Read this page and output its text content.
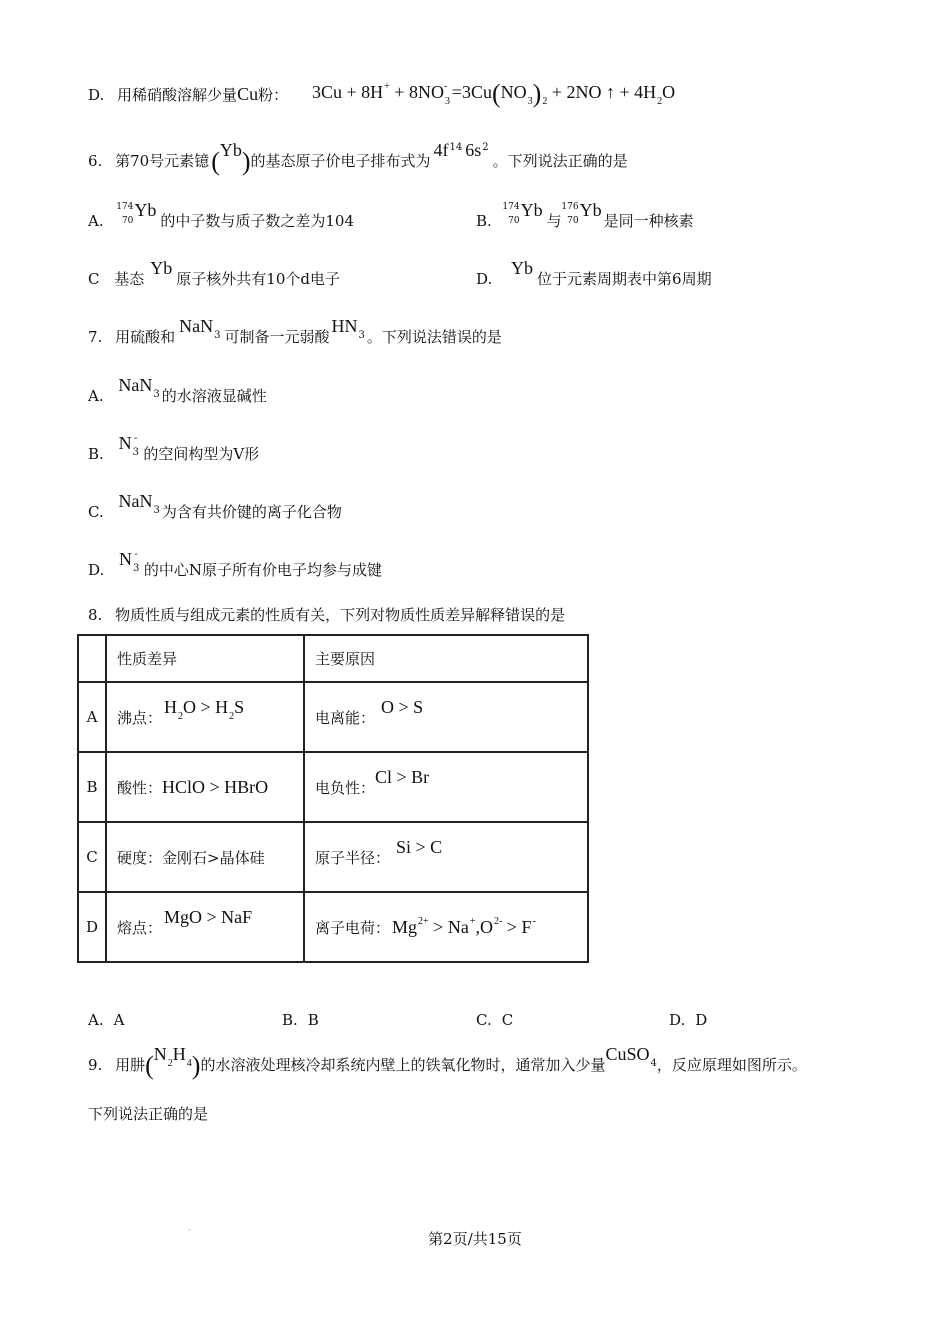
D. 用稀硝酸溶解少量Cu粉： $3Cu + 8H^+ + 8NO_3^- =3Cu(NO_3)_2 + 2NO$ ↑ + $4H_2O$
6. 第70号元素镱(Yb)的基态原子价电子排布式为$4f^{14}$ $6s^2$。下列说法正确的是
A.
174
70
Yb的中子数与质子数之差为104	B.
174
70
Yb与
176
70
Yb是同一种核素
C 基态Yb原子核外共有10个d电子	D. Yb位于元素周期表中第6周期
7. 用硫酸和NaN$^3$ 可制备一元弱酸$HN^3$ 。下列说法错误的是
A. NaN$^3$ 的水溶液显碱性
B. $N^{3-}$的空间构型为V形
C. NaN$^3$ 为含有共价键的离子化合物
D. $N^{3-}$的中心N原子所有价电子均参与成键
8. 物质性质与组成元素的性质有关，下列对物质性质差异解释错误的是
	性质差异	主要原因
A	沸点：$H_2O > H_2S$	电离能：O > S
B	酸性：HClO > HBrO	电负性：Cl > Br
C	硬度：金刚石>晶体硅	原子半径：Si > C
D	熔点：MgO > NaF	离子电荷： $Mg^{2+} > Na^+,O^{2-} > F^-$
A. A	B. B	C. C	D. D
9. 用肼$(N_2H_4)$的水溶液处理核冷却系统内壁上的铁氧化物时，通常加入少量CuSO$^4$，反应原理如图所示。
下列说法正确的是
·	第2页/共15页
